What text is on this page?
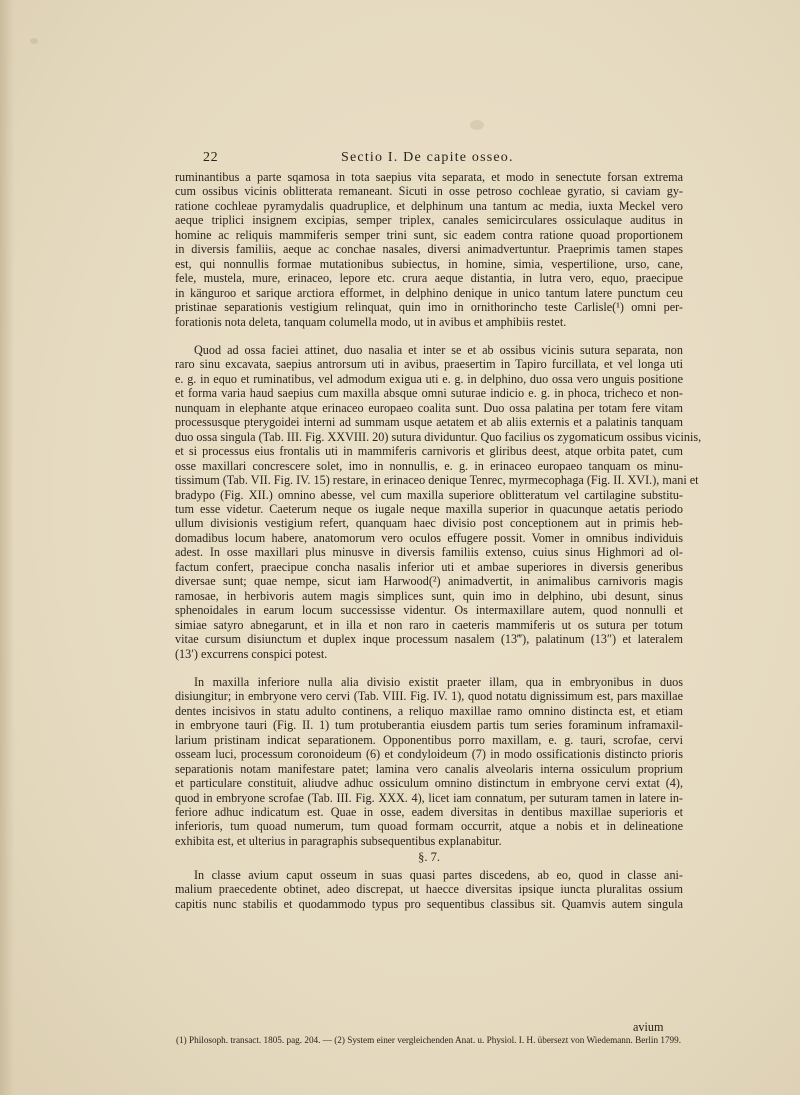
22	Sectio I. De capite osseo.
ruminantibus a parte sqamosa in tota saepius vita separata, et modo in senectute forsan extrema
cum ossibus vicinis oblitterata remaneant. Sicuti in osse petroso cochleae gyratio, si caviam gy-
ratione cochleae pyramydalis quadruplice, et delphinum una tantum ac media, iuxta Meckel vero
aeque triplici insignem excipias, semper triplex, canales semicirculares ossiculaque auditus in
homine ac reliquis mammiferis semper trini sunt, sic eadem contra ratione quoad proportionem
in diversis familiis, aeque ac conchae nasales, diversi animadvertuntur. Praeprimis tamen stapes
est, qui nonnullis formae mutationibus subiectus, in homine, simia, vespertilione, urso, cane,
fele, mustela, mure, erinaceo, lepore etc. crura aeque distantia, in lutra vero, equo, praecipue
in känguroo et sarique arctiora efformet, in delphino denique in unico tantum latere punctum ceu
pristinae separationis vestigium relinquat, quin imo in ornithorincho teste Carlisle(¹) omni per-
forationis nota deleta, tanquam columella modo, ut in avibus et amphibiis restet.
Quod ad ossa faciei attinet, duo nasalia et inter se et ab ossibus vicinis sutura separata, non
raro sinu excavata, saepius antrorsum uti in avibus, praesertim in Tapiro furcillata, et vel longa uti
e. g. in equo et ruminatibus, vel admodum exigua uti e. g. in delphino, duo ossa vero unguis positione
et forma varia haud saepius cum maxilla absque omni suturae indicio e. g. in phoca, tricheco et non-
nunquam in elephante atque erinaceo europaeo coalita sunt. Duo ossa palatina per totam fere vitam
processusque pterygoidei interni ad summam usque aetatem et ab aliis externis et a palatinis tanquam
duo ossa singula (Tab. III. Fig. XXVIII. 20) sutura dividuntur. Quo facilius os zygomaticum ossibus vicinis,
et si processus eius frontalis uti in mammiferis carnivoris et gliribus deest, atque orbita patet, cum
osse maxillari concrescere solet, imo in nonnullis, e. g. in erinaceo europaeo tanquam os minu-
tissimum (Tab. VII. Fig. IV. 15) restare, in erinaceo denique Tenrec, myrmecophaga (Fig. II. XVI.), mani et
bradypo (Fig. XII.) omnino abesse, vel cum maxilla superiore oblitteratum vel cartilagine substitu-
tum esse videtur. Caeterum neque os iugale neque maxilla superior in quacunque aetatis periodo
ullum divisionis vestigium refert, quanquam haec divisio post conceptionem aut in primis heb-
domadibus locum habere, anatomorum vero oculos effugere possit. Vomer in omnibus individuis
adest. In osse maxillari plus minusve in diversis familiis extenso, cuius sinus Highmori ad ol-
factum confert, praecipue concha nasalis inferior uti et ambae superiores in diversis generibus
diversae sunt; quae nempe, sicut iam Harwood(²) animadvertit, in animalibus carnivoris magis
ramosae, in herbivoris autem magis simplices sunt, quin imo in delphino, ubi desunt, sinus
sphenoidales in earum locum successisse videntur. Os intermaxillare autem, quod nonnulli et
simiae satyro abnegarunt, et in illa et non raro in caeteris mammiferis ut os sutura per totum
vitae cursum disiunctum et duplex inque processum nasalem (13‴), palatinum (13″) et lateralem
(13′) excurrens conspici potest.
In maxilla inferiore nulla alia divisio existit praeter illam, qua in embryonibus in duos
disiungitur; in embryone vero cervi (Tab. VIII. Fig. IV. 1), quod notatu dignissimum est, pars maxillae
dentes incisivos in statu adulto continens, a reliquo maxillae ramo omnino distincta est, et etiam
in embryone tauri (Fig. II. 1) tum protuberantia eiusdem partis tum series foraminum inframaxil-
larium pristinam indicat separationem. Opponentibus porro maxillam, e. g. tauri, scrofae, cervi
osseam luci, processum coronoideum (6) et condyloideum (7) in modo ossificationis distincto prioris
separationis notam manifestare patet; lamina vero canalis alveolaris interna ossiculum proprium
et particulare constituit, aliudve adhuc ossiculum omnino distinctum in embryone cervi extat (4),
quod in embryone scrofae (Tab. III. Fig. XXX. 4), licet iam connatum, per suturam tamen in latere in-
feriore adhuc indicatum est. Quae in osse, eadem diversitas in dentibus maxillae superioris et
inferioris, tum quoad numerum, tum quoad formam occurrit, atque a nobis et in delineatione
exhibita est, et ulterius in paragraphis subsequentibus explanabitur.
§. 7.
In classe avium caput osseum in suas quasi partes discedens, ab eo, quod in classe ani-
malium praecedente obtinet, adeo discrepat, ut haecce diversitas ipsique iuncta pluralitas ossium
capitis nunc stabilis et quodammodo typus pro sequentibus classibus sit. Quamvis autem singula
avium
(1) Philosoph. transact. 1805. pag. 204. — (2) System einer vergleichenden Anat. u. Physiol. I. H. übersezt von Wiedemann. Berlin 1799.
